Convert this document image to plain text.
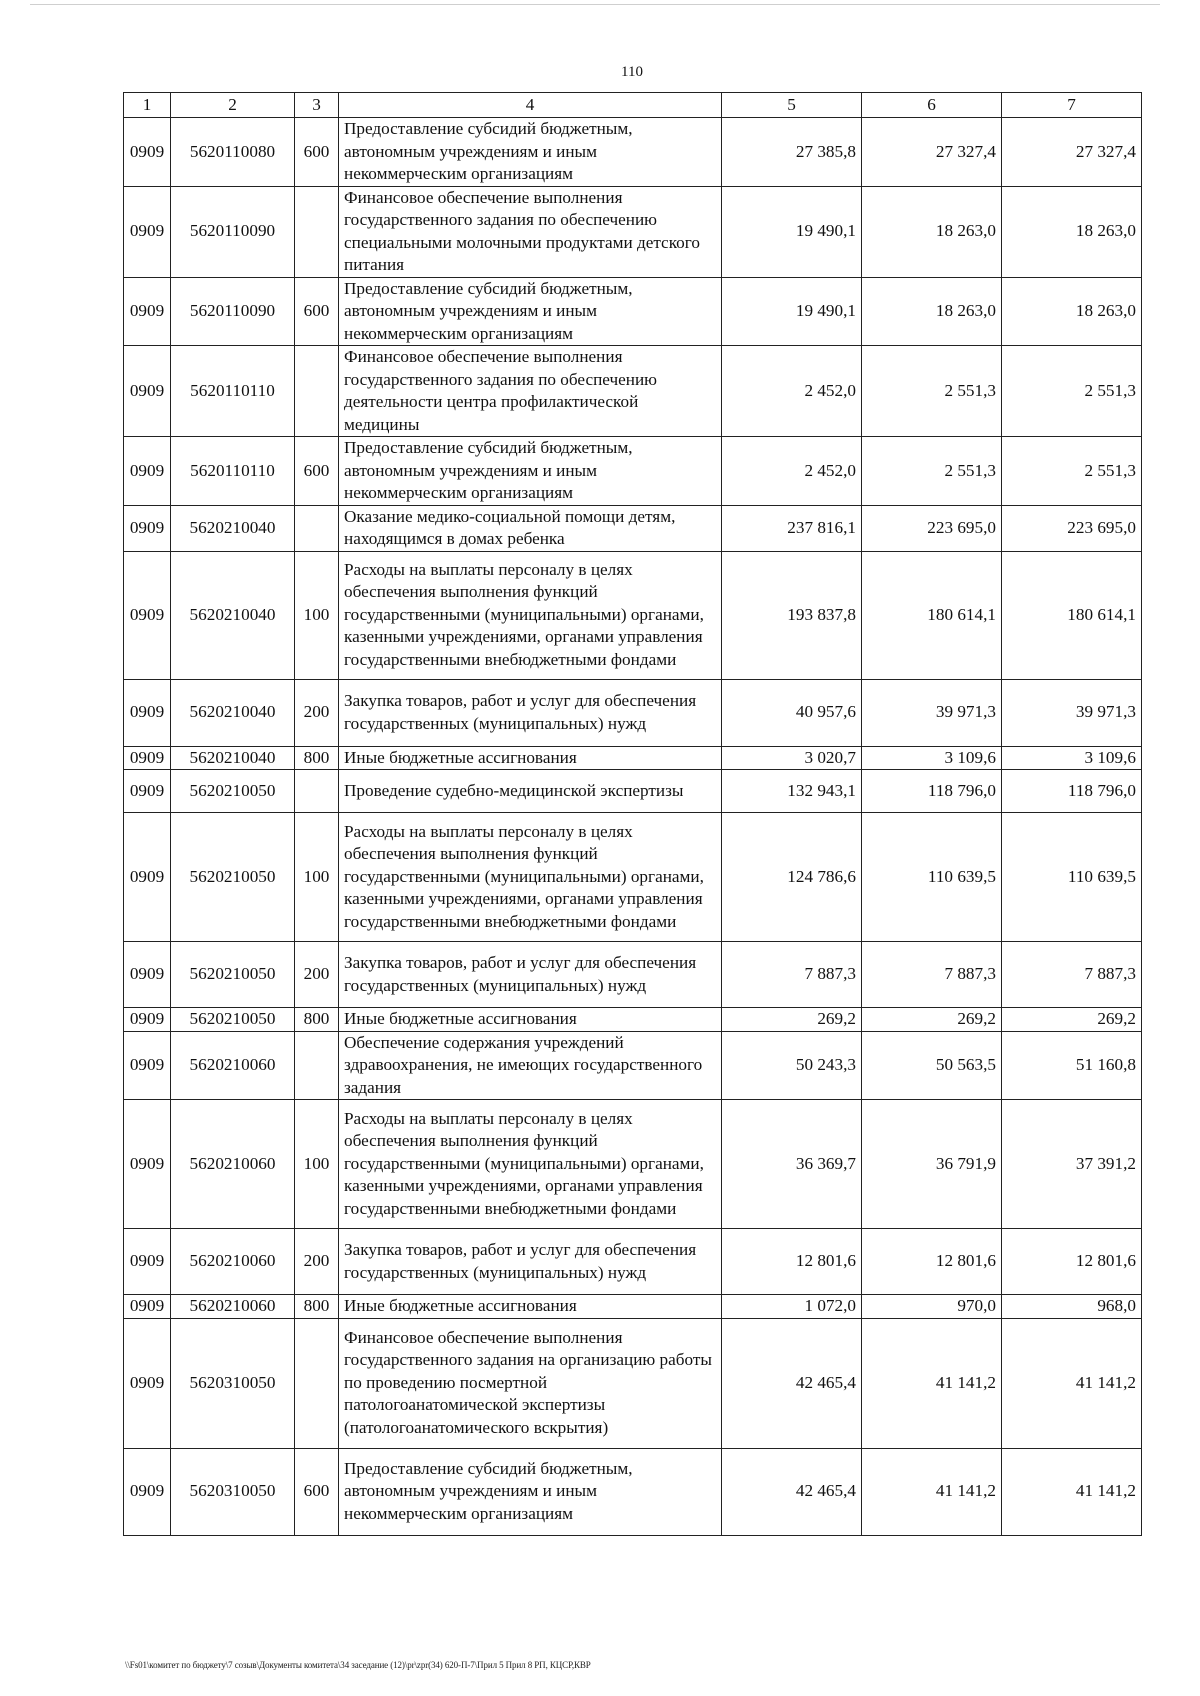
110
1	2	3	4	5	6	7
0909	5620110080	600	Предоставление субсидий бюджетным, автономным учреждениям и иным некоммерческим организациям	27 385,8	27 327,4	27 327,4
0909	5620110090		Финансовое обеспечение выполнения государственного задания по обеспечению специальными молочными продуктами детского питания	19 490,1	18 263,0	18 263,0
0909	5620110090	600	Предоставление субсидий бюджетным, автономным учреждениям и иным некоммерческим организациям	19 490,1	18 263,0	18 263,0
0909	5620110110		Финансовое обеспечение выполнения государственного задания по обеспечению деятельности центра профилактической медицины	2 452,0	2 551,3	2 551,3
0909	5620110110	600	Предоставление субсидий бюджетным, автономным учреждениям и иным некоммерческим организациям	2 452,0	2 551,3	2 551,3
0909	5620210040		Оказание медико-социальной помощи детям, находящимся в домах ребенка	237 816,1	223 695,0	223 695,0
0909	5620210040	100	Расходы на выплаты персоналу в целях обеспечения выполнения функций государственными (муниципальными) органами, казенными учреждениями, органами управления государственными внебюджетными фондами	193 837,8	180 614,1	180 614,1
0909	5620210040	200	Закупка товаров, работ и услуг для обеспечения государственных (муниципальных) нужд	40 957,6	39 971,3	39 971,3
0909	5620210040	800	Иные бюджетные ассигнования	3 020,7	3 109,6	3 109,6
0909	5620210050		Проведение судебно-медицинской экспертизы	132 943,1	118 796,0	118 796,0
0909	5620210050	100	Расходы на выплаты персоналу в целях обеспечения выполнения функций государственными (муниципальными) органами, казенными учреждениями, органами управления государственными внебюджетными фондами	124 786,6	110 639,5	110 639,5
0909	5620210050	200	Закупка товаров, работ и услуг для обеспечения государственных (муниципальных) нужд	7 887,3	7 887,3	7 887,3
0909	5620210050	800	Иные бюджетные ассигнования	269,2	269,2	269,2
0909	5620210060		Обеспечение содержания учреждений здравоохранения, не имеющих государственного задания	50 243,3	50 563,5	51 160,8
0909	5620210060	100	Расходы на выплаты персоналу в целях обеспечения выполнения функций государственными (муниципальными) органами, казенными учреждениями, органами управления государственными внебюджетными фондами	36 369,7	36 791,9	37 391,2
0909	5620210060	200	Закупка товаров, работ и услуг для обеспечения государственных (муниципальных) нужд	12 801,6	12 801,6	12 801,6
0909	5620210060	800	Иные бюджетные ассигнования	1 072,0	970,0	968,0
0909	5620310050		Финансовое обеспечение выполнения государственного задания на организацию работы по проведению посмертной патологоанатомической экспертизы (патологоанатомического вскрытия)	42 465,4	41 141,2	41 141,2
0909	5620310050	600	Предоставление субсидий бюджетным, автономным учреждениям и иным некоммерческим организациям	42 465,4	41 141,2	41 141,2
\\Fs01\комитет по бюджету\7 созыв\Документы комитета\34 заседание (12)\pr\zpr(34) 620-П-7\Прил 5 Прил 8 РП, КЦСР,КВР
